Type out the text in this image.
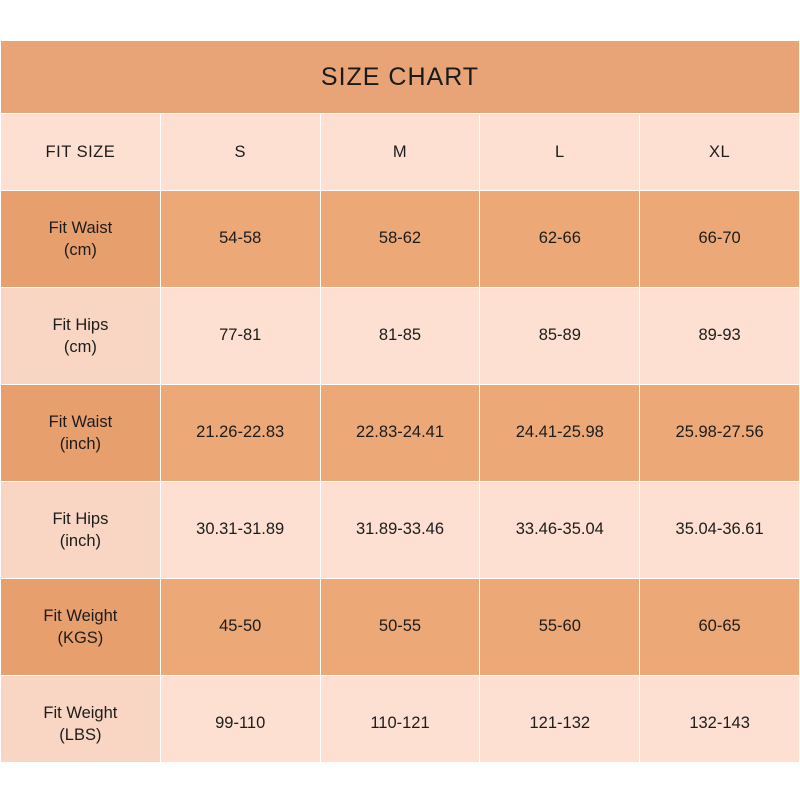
SIZE CHART				
FIT SIZE	S	M	L	XL

Fit Waist
(cm)	54-58	58-62	62-66	66-70

Fit Hips
(cm)	77-81	81-85	85-89	89-93

Fit Waist
(inch)	21.26-22.83	22.83-24.41	24.41-25.98	25.98-27.56

Fit Hips
(inch)	30.31-31.89	31.89-33.46	33.46-35.04	35.04-36.61

Fit Weight
(KGS)	45-50	50-55	55-60	60-65

Fit Weight
(LBS)	99-110	110-121	121-132	132-143
